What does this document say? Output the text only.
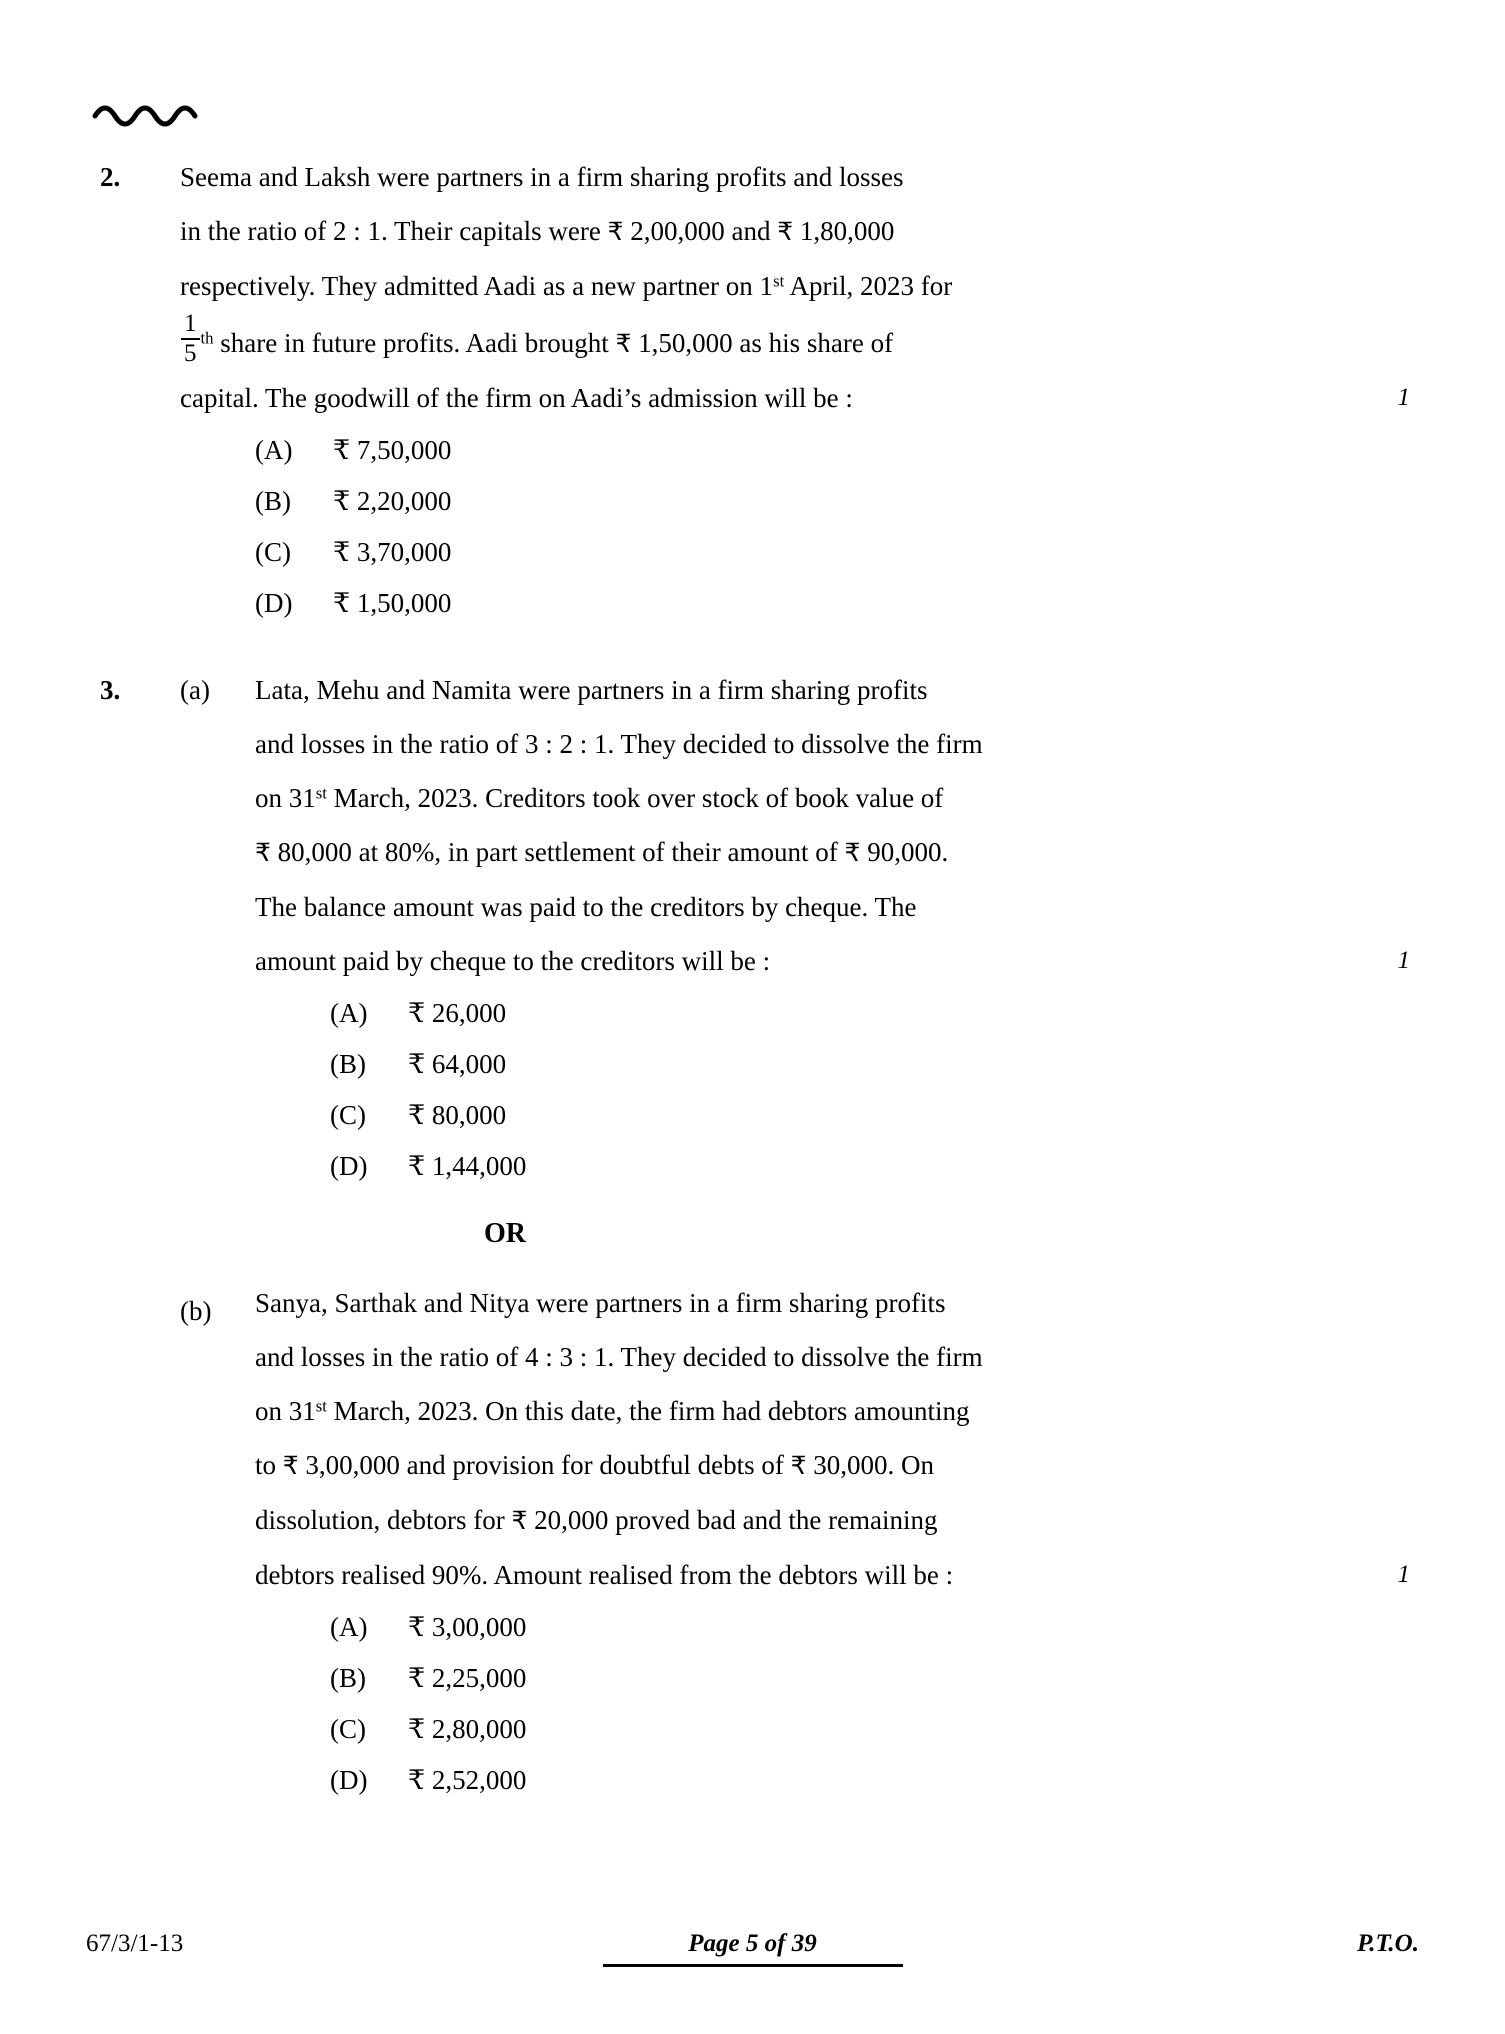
2.	Seema and Laksh were partners in a firm sharing profits and losses
in the ratio of 2 : 1. Their capitals were ₹ 2,00,000 and ₹ 1,80,000
respectively. They admitted Aadi as a new partner on 1st April, 2023 for
$\frac{1}{5} ^{th}$ share in future profits. Aadi brought ₹ 1,50,000 as his share of
capital. The goodwill of the firm on Aadi’s admission will be :	1
(A)	₹ 7,50,000
(B)	₹ 2,20,000
(C)	₹ 3,70,000
(D)	₹ 1,50,000
3.	(a)	Lata, Mehu and Namita were partners in a firm sharing profits
and losses in the ratio of 3 : 2 : 1. They decided to dissolve the firm
on 31st March, 2023. Creditors took over stock of book value of
₹ 80,000 at 80%, in part settlement of their amount of ₹ 90,000.
The balance amount was paid to the creditors by cheque. The
amount paid by cheque to the creditors will be :	1
(A)	₹ 26,000
(B)	₹ 64,000
(C)	₹ 80,000
(D)	₹ 1,44,000
OR
(b) Sanya, Sarthak and Nitya were partners in a firm sharing profits
and losses in the ratio of 4 : 3 : 1. They decided to dissolve the firm
on 31st March, 2023. On this date, the firm had debtors amounting
to ₹ 3,00,000 and provision for doubtful debts of ₹ 30,000. On
dissolution, debtors for ₹ 20,000 proved bad and the remaining
debtors realised 90%. Amount realised from the debtors will be :	1
(A)	₹ 3,00,000
(B)	₹ 2,25,000
(C)	₹ 2,80,000
(D)	₹ 2,52,000
67/3/1-13	Page 5 of 39	P.T.O.
